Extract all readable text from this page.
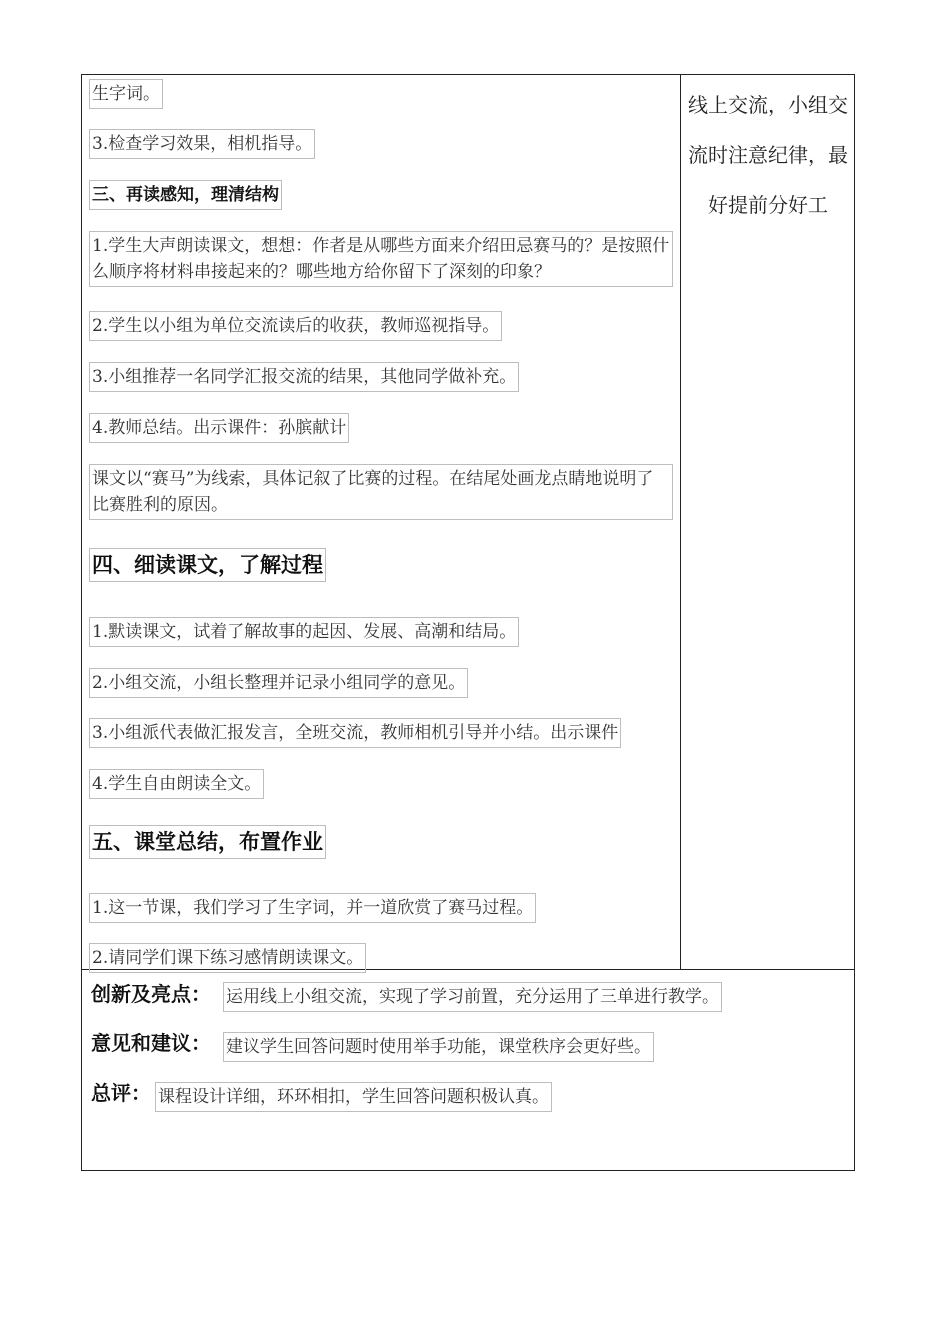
生字词。
3.检查学习效果，相机指导。
三、再读感知，理清结构
1.学生大声朗读课文，想想：作者是从哪些方面来介绍田忌赛马的？是按照什么顺序将材料串接起来的？哪些地方给你留下了深刻的印象？
2.学生以小组为单位交流读后的收获，教师巡视指导。
3.小组推荐一名同学汇报交流的结果，其他同学做补充。
4.教师总结。出示课件：孙膑献计
课文以“赛马”为线索，具体记叙了比赛的过程。在结尾处画龙点睛地说明了比赛胜利的原因。
四、细读课文，了解过程
1.默读课文，试着了解故事的起因、发展、高潮和结局。
2.小组交流，小组长整理并记录小组同学的意见。
3.小组派代表做汇报发言，全班交流，教师相机引导并小结。出示课件
4.学生自由朗读全文。
五、课堂总结，布置作业
1.这一节课，我们学习了生字词，并一道欣赏了赛马过程。
2.请同学们课下练习感情朗读课文。
线上交流，小组交流时注意纪律，最好提前分好工
创新及亮点： 运用线上小组交流，实现了学习前置，充分运用了三单进行教学。
意见和建议： 建议学生回答问题时使用举手功能，课堂秩序会更好些。
总评： 课程设计详细，环环相扣，学生回答问题积极认真。
